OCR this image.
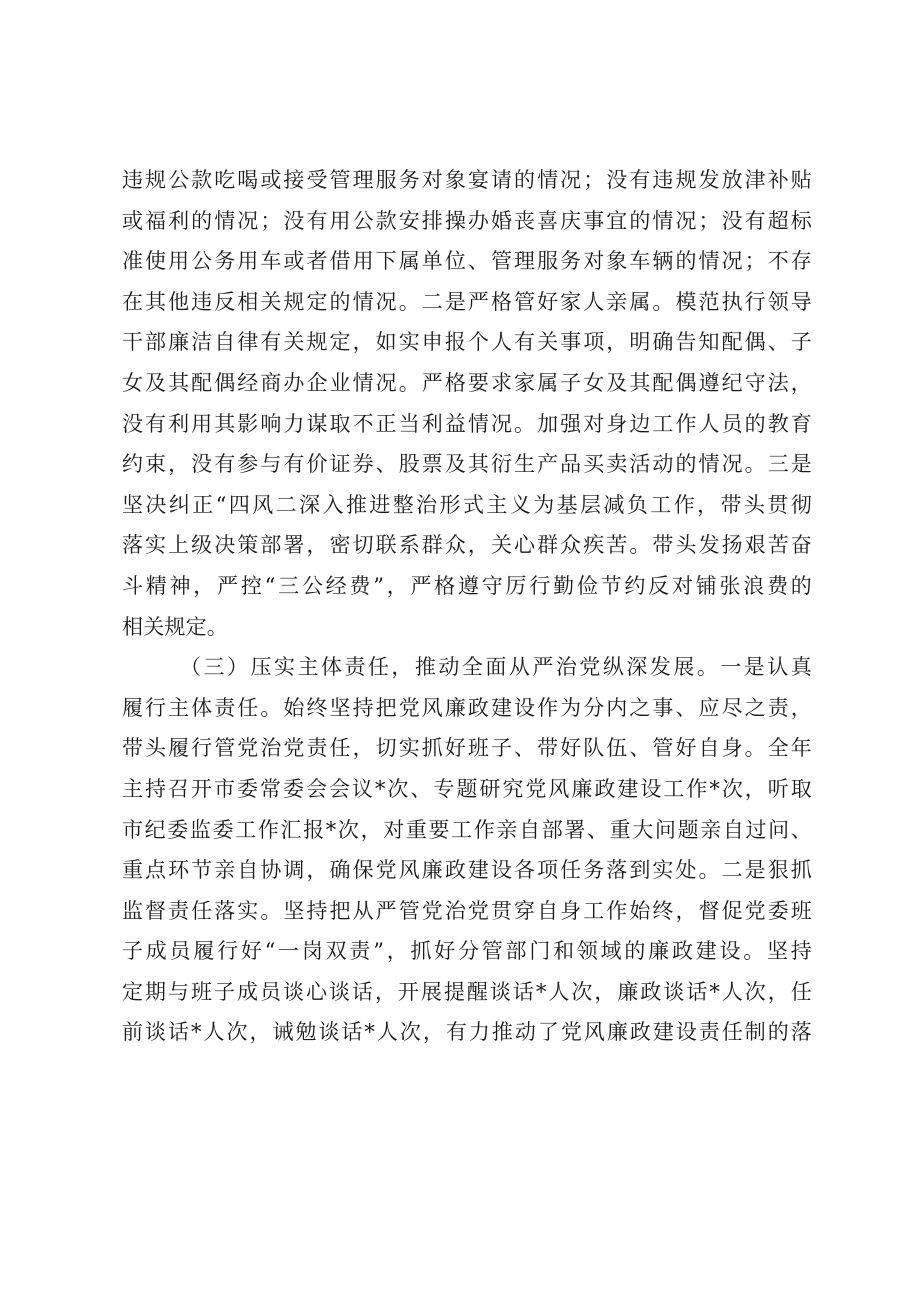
违规公款吃喝或接受管理服务对象宴请的情况；没有违规发放津补贴
或福利的情况；没有用公款安排操办婚丧喜庆事宜的情况；没有超标
准使用公务用车或者借用下属单位、管理服务对象车辆的情况；不存
在其他违反相关规定的情况。二是严格管好家人亲属。模范执行领导
干部廉洁自律有关规定，如实申报个人有关事项，明确告知配偶、子
女及其配偶经商办企业情况。严格要求家属子女及其配偶遵纪守法，
没有利用其影响力谋取不正当利益情况。加强对身边工作人员的教育
约束，没有参与有价证券、股票及其衍生产品买卖活动的情况。三是
坚决纠正“四风二深入推进整治形式主义为基层减负工作，带头贯彻
落实上级决策部署，密切联系群众，关心群众疾苦。带头发扬艰苦奋
斗精神，严控“三公经费”，严格遵守厉行勤俭节约反对铺张浪费的
相关规定。
（三）压实主体责任，推动全面从严治党纵深发展。一是认真
履行主体责任。始终坚持把党风廉政建设作为分内之事、应尽之责，
带头履行管党治党责任，切实抓好班子、带好队伍、管好自身。全年
主持召开市委常委会会议*次、专题研究党风廉政建设工作*次，听取
市纪委监委工作汇报*次，对重要工作亲自部署、重大问题亲自过问、
重点环节亲自协调，确保党风廉政建设各项任务落到实处。二是狠抓
监督责任落实。坚持把从严管党治党贯穿自身工作始终，督促党委班
子成员履行好“一岗双责”，抓好分管部门和领域的廉政建设。坚持
定期与班子成员谈心谈话，开展提醒谈话*人次，廉政谈话*人次，任
前谈话*人次，诫勉谈话*人次，有力推动了党风廉政建设责任制的落
